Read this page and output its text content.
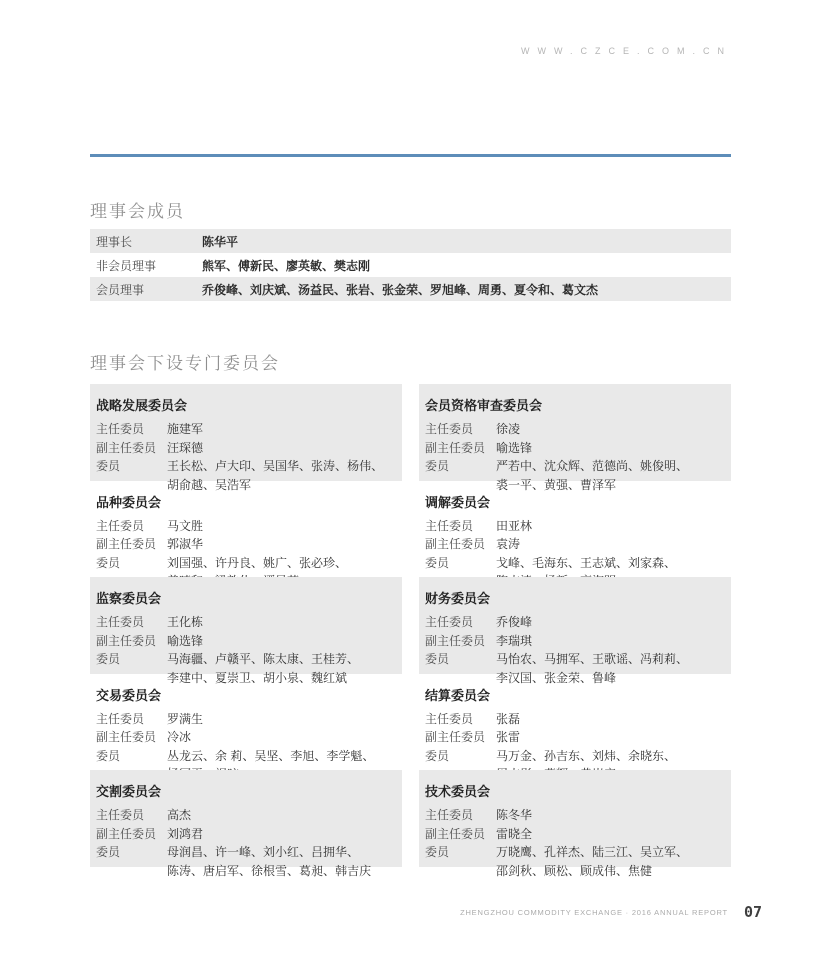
WWW.CZCE.COM.CN
理事会成员
理事长	陈华平
非会员理事	熊军、傅新民、廖英敏、樊志刚
会员理事	乔俊峰、刘庆斌、汤益民、张岩、张金荣、罗旭峰、周勇、夏令和、葛文杰
理事会下设专门委员会
战略发展委员会
主任委员	施建军
副主任委员 汪琛德
委员	王长松、卢大印、吴国华、张涛、杨伟、胡俞越、吴浩军
会员资格审查委员会
主任委员	徐凌
副主任委员 喻选锋
委员	严若中、沈众辉、范德尚、姚俊明、裘一平、黄强、曹泽军
品种委员会
主任委员	马文胜
副主任委员 郭淑华
委员	刘国强、许丹良、姚广、张必珍、
调解委员会
主任委员	田亚林
副主任委员 袁涛
委员	戈峰、毛海东、王志斌、刘家森、
监察委员会
主任委员	王化栋
副主任委员 喻选锋
委员	马海疆、卢赣平、陈太康、王桂芳、李建中、夏崇卫、胡小泉、魏红斌
财务委员会
主任委员	乔俊峰
副主任委员 李瑞琪
委员	马怡农、马拥军、王歌谣、冯莉莉、李汉国、张金荣、鲁峰
交易委员会
主任委员	罗满生
副主任委员 冷冰
委员	丛龙云、余 莉、吴坚、李旭、李学魁、
结算委员会
主任委员	张磊
副主任委员 张雷
委员	马万金、孙吉东、刘炜、余晓东、
交割委员会
主任委员	高杰
副主任委员 刘鸿君
委员	母润昌、许一峰、刘小红、吕拥华、陈涛、唐启军、徐根雪、葛昶、韩吉庆
技术委员会
主任委员	陈冬华
副主任委员 雷晓全
委员	万晓鹰、孔祥杰、陆三江、吴立军、邵剑秋、顾松、顾成伟、焦健
ZHENGZHOU COMMODITY EXCHANGE · 2016 ANNUAL REPORT 07
